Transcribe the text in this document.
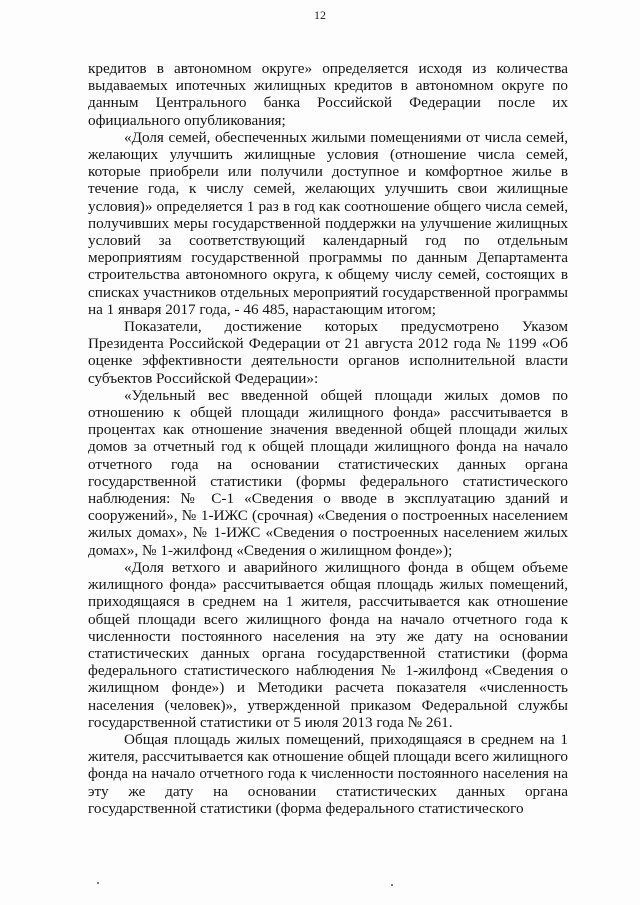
12

кредитов в автономном округе» определяется исходя из количества выдаваемых ипотечных жилищных кредитов в автономном округе по данным Центрального банка Российской Федерации после их официального опубликования;

«Доля семей, обеспеченных жилыми помещениями от числа семей, желающих улучшить жилищные условия (отношение числа семей, которые приобрели или получили доступное и комфортное жилье в течение года, к числу семей, желающих улучшить свои жилищные условия)» определяется 1 раз в год как соотношение общего числа семей, получивших меры государственной поддержки на улучшение жилищных условий за соответствующий календарный год по отдельным мероприятиям государственной программы по данным Департамента строительства автономного округа, к общему числу семей, состоящих в списках участников отдельных мероприятий государственной программы на 1 января 2017 года, - 46 485, нарастающим итогом;

Показатели, достижение которых предусмотрено Указом Президента Российской Федерации от 21 августа 2012 года № 1199 «Об оценке эффективности деятельности органов исполнительной власти субъектов Российской Федерации»:

«Удельный вес введенной общей площади жилых домов по отношению к общей площади жилищного фонда» рассчитывается в процентах как отношение значения введенной общей площади жилых домов за отчетный год к общей площади жилищного фонда на начало отчетного года на основании статистических данных органа государственной статистики (формы федерального статистического наблюдения: № С-1 «Сведения о вводе в эксплуатацию зданий и сооружений», № 1-ИЖС (срочная) «Сведения о построенных населением жилых домах», № 1-ИЖС «Сведения о построенных населением жилых домах», № 1-жилфонд «Сведения о жилищном фонде»);

«Доля ветхого и аварийного жилищного фонда в общем объеме жилищного фонда» рассчитывается общая площадь жилых помещений, приходящаяся в среднем на 1 жителя, рассчитывается как отношение общей площади всего жилищного фонда на начало отчетного года к численности постоянного населения на эту же дату на основании статистических данных органа государственной статистики (форма федерального статистического наблюдения № 1-жилфонд «Сведения о жилищном фонде») и Методики расчета показателя «численность населения (человек)», утвержденной приказом Федеральной службы государственной статистики от 5 июля 2013 года № 261.

Общая площадь жилых помещений, приходящаяся в среднем на 1 жителя, рассчитывается как отношение общей площади всего жилищного фонда на начало отчетного года к численности постоянного населения на эту же дату на основании статистических данных органа государственной статистики (форма федерального статистического
